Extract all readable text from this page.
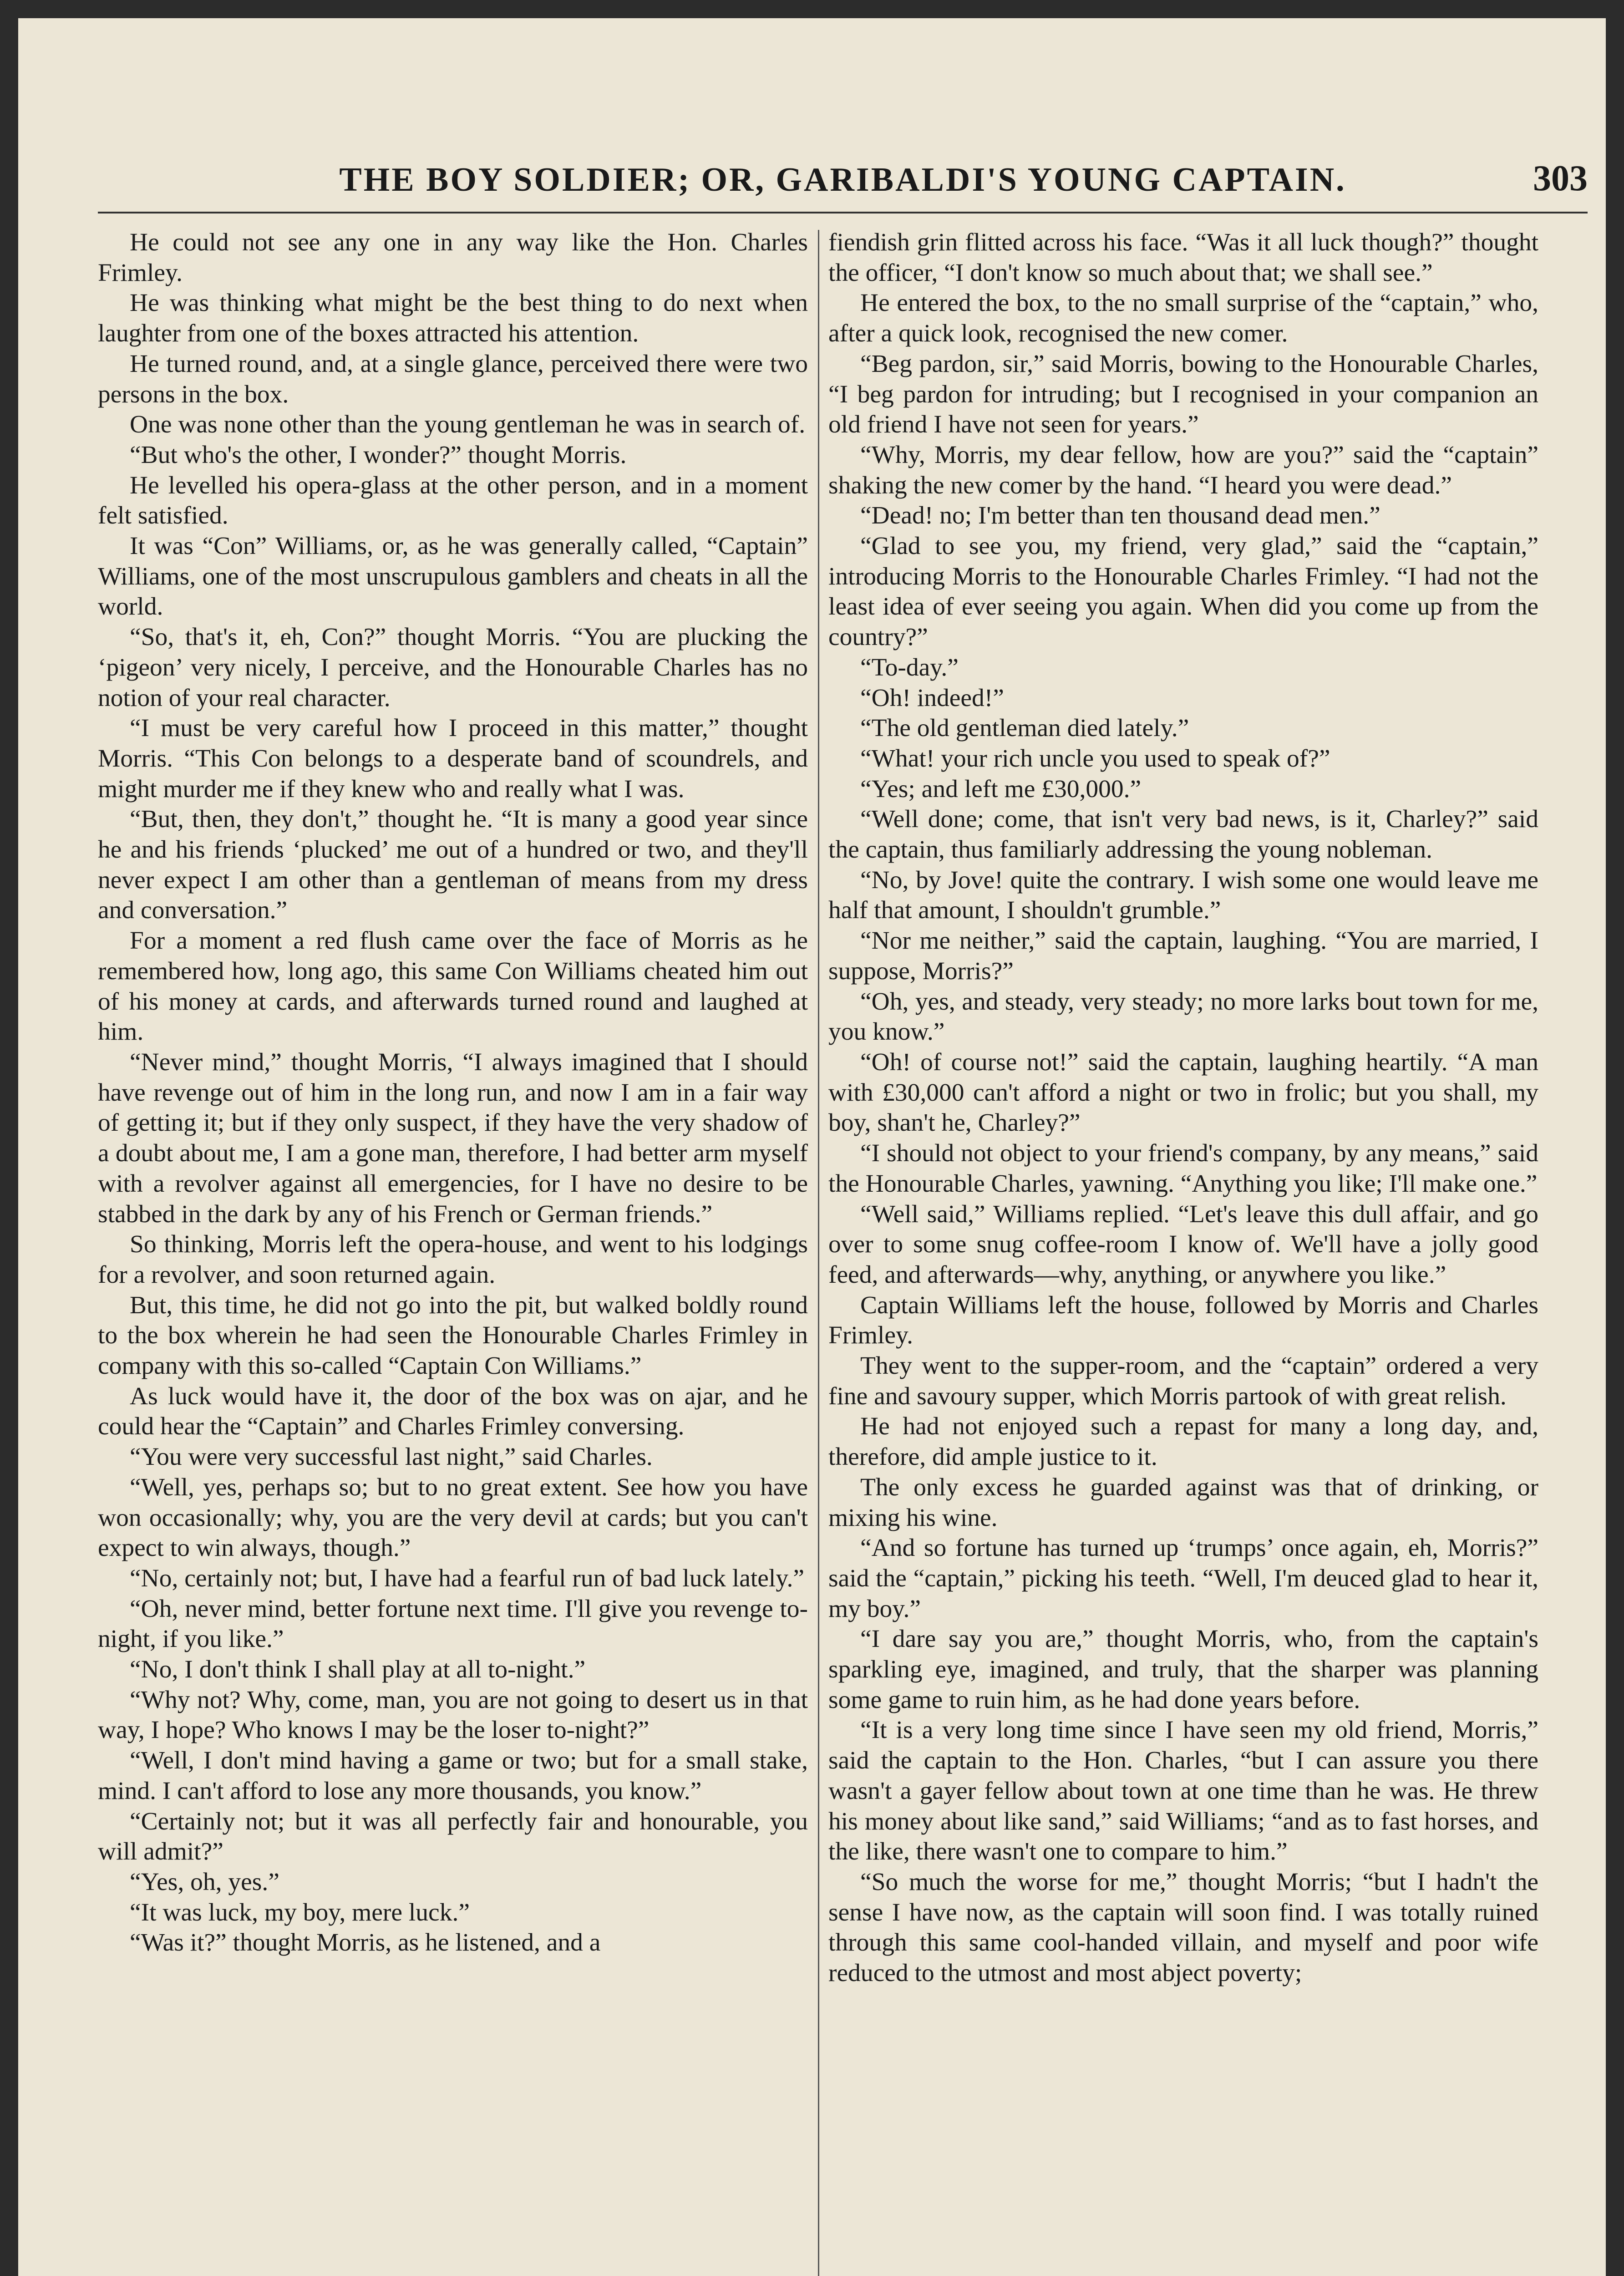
THE BOY SOLDIER; OR, GARIBALDI'S YOUNG CAPTAIN.	303

He could not see any one in any way like the Hon. Charles Frimley.

He was thinking what might be the best thing to do next when laughter from one of the boxes attracted his attention.

He turned round, and, at a single glance, perceived there were two persons in the box.

One was none other than the young gentleman he was in search of.

“But who's the other, I wonder?” thought Morris.

He levelled his opera-glass at the other person, and in a moment felt satisfied.

It was “Con” Williams, or, as he was generally called, “Captain” Williams, one of the most unscrupulous gamblers and cheats in all the world.

“So, that's it, eh, Con?” thought Morris. “You are plucking the ‘pigeon’ very nicely, I perceive, and the Honourable Charles has no notion of your real character.

“I must be very careful how I proceed in this matter,” thought Morris. “This Con belongs to a desperate band of scoundrels, and might murder me if they knew who and really what I was.

“But, then, they don't,” thought he. “It is many a good year since he and his friends ‘plucked’ me out of a hundred or two, and they'll never expect I am other than a gentleman of means from my dress and conversation.”

For a moment a red flush came over the face of Morris as he remembered how, long ago, this same Con Williams cheated him out of his money at cards, and afterwards turned round and laughed at him.

“Never mind,” thought Morris, “I always imagined that I should have revenge out of him in the long run, and now I am in a fair way of getting it; but if they only suspect, if they have the very shadow of a doubt about me, I am a gone man, therefore, I had better arm myself with a revolver against all emergencies, for I have no desire to be stabbed in the dark by any of his French or German friends.”

So thinking, Morris left the opera-house, and went to his lodgings for a revolver, and soon returned again.

But, this time, he did not go into the pit, but walked boldly round to the box wherein he had seen the Honourable Charles Frimley in company with this so-called “Captain Con Williams.”

As luck would have it, the door of the box was on ajar, and he could hear the “Captain” and Charles Frimley conversing.

“You were very successful last night,” said Charles.

“Well, yes, perhaps so; but to no great extent. See how you have won occasionally; why, you are the very devil at cards; but you can't expect to win always, though.”

“No, certainly not; but, I have had a fearful run of bad luck lately.”

“Oh, never mind, better fortune next time. I'll give you revenge to-night, if you like.”

“No, I don't think I shall play at all to-night.”

“Why not? Why, come, man, you are not going to desert us in that way, I hope? Who knows I may be the loser to-night?”

“Well, I don't mind having a game or two; but for a small stake, mind. I can't afford to lose any more thousands, you know.”

“Certainly not; but it was all perfectly fair and honourable, you will admit?”

“Yes, oh, yes.”

“It was luck, my boy, mere luck.”

“Was it?” thought Morris, as he listened, and a

fiendish grin flitted across his face. “Was it all luck though?” thought the officer, “I don't know so much about that; we shall see.”

He entered the box, to the no small surprise of the “captain,” who, after a quick look, recognised the new comer.

“Beg pardon, sir,” said Morris, bowing to the Honourable Charles, “I beg pardon for intruding; but I recognised in your companion an old friend I have not seen for years.”

“Why, Morris, my dear fellow, how are you?” said the “captain” shaking the new comer by the hand. “I heard you were dead.”

“Dead! no; I'm better than ten thousand dead men.”

“Glad to see you, my friend, very glad,” said the “captain,” introducing Morris to the Honourable Charles Frimley. “I had not the least idea of ever seeing you again. When did you come up from the country?”

“To-day.”

“Oh! indeed!”

“The old gentleman died lately.”

“What! your rich uncle you used to speak of?”

“Yes; and left me £30,000.”

“Well done; come, that isn't very bad news, is it, Charley?” said the captain, thus familiarly addressing the young nobleman.

“No, by Jove! quite the contrary. I wish some one would leave me half that amount, I shouldn't grumble.”

“Nor me neither,” said the captain, laughing. “You are married, I suppose, Morris?”

“Oh, yes, and steady, very steady; no more larks bout town for me, you know.”

“Oh! of course not!” said the captain, laughing heartily. “A man with £30,000 can't afford a night or two in frolic; but you shall, my boy, shan't he, Charley?”

“I should not object to your friend's company, by any means,” said the Honourable Charles, yawning. “Anything you like; I'll make one.”

“Well said,” Williams replied. “Let's leave this dull affair, and go over to some snug coffee-room I know of. We'll have a jolly good feed, and afterwards—why, anything, or anywhere you like.”

Captain Williams left the house, followed by Morris and Charles Frimley.

They went to the supper-room, and the “captain” ordered a very fine and savoury supper, which Morris partook of with great relish.

He had not enjoyed such a repast for many a long day, and, therefore, did ample justice to it.

The only excess he guarded against was that of drinking, or mixing his wine.

“And so fortune has turned up ‘trumps’ once again, eh, Morris?” said the “captain,” picking his teeth. “Well, I'm deuced glad to hear it, my boy.”

“I dare say you are,” thought Morris, who, from the captain's sparkling eye, imagined, and truly, that the sharper was planning some game to ruin him, as he had done years before.

“It is a very long time since I have seen my old friend, Morris,” said the captain to the Hon. Charles, “but I can assure you there wasn't a gayer fellow about town at one time than he was. He threw his money about like sand,” said Williams; “and as to fast horses, and the like, there wasn't one to compare to him.”

“So much the worse for me,” thought Morris; “but I hadn't the sense I have now, as the captain will soon find. I was totally ruined through this same cool-handed villain, and myself and poor wife reduced to the utmost and most abject poverty;
